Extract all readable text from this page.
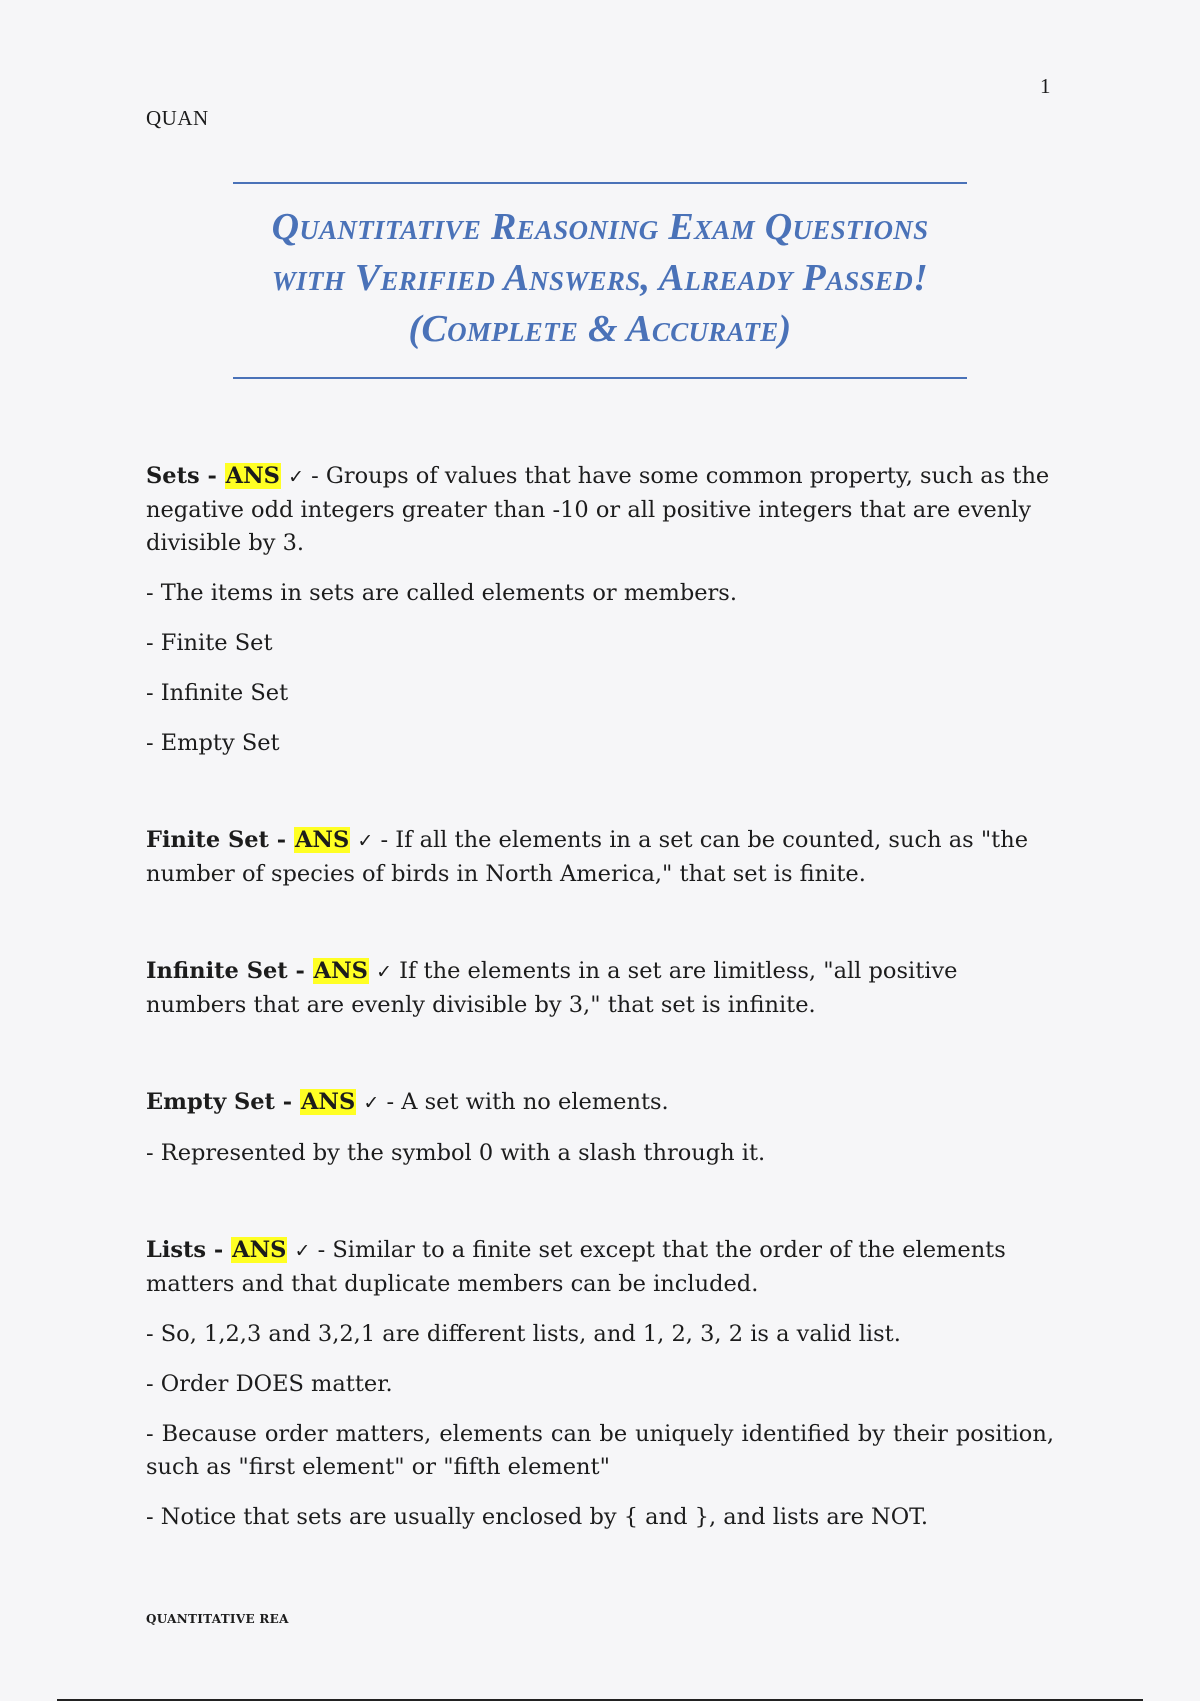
1
QUAN
Quantitative Reasoning Exam Questions
with Verified Answers, Already Passed!
(Complete & Accurate)

Sets - ANS ✓ - Groups of values that have some common property, such as the negative odd integers greater than -10 or all positive integers that are evenly divisible by 3.

- The items in sets are called elements or members.

- Finite Set

- Infinite Set

- Empty Set

Finite Set - ANS ✓ - If all the elements in a set can be counted, such as "the number of species of birds in North America," that set is finite.

Infinite Set - ANS ✓ If the elements in a set are limitless, "all positive numbers that are evenly divisible by 3," that set is infinite.

Empty Set - ANS ✓ - A set with no elements.

- Represented by the symbol 0 with a slash through it.

Lists - ANS ✓ - Similar to a finite set except that the order of the elements matters and that duplicate members can be included.

- So, 1,2,3 and 3,2,1 are different lists, and 1, 2, 3, 2 is a valid list.

- Order DOES matter.

- Because order matters, elements can be uniquely identified by their position, such as "first element" or "fifth element"

- Notice that sets are usually enclosed by { and }, and lists are NOT.

QUANTITATIVE REA
